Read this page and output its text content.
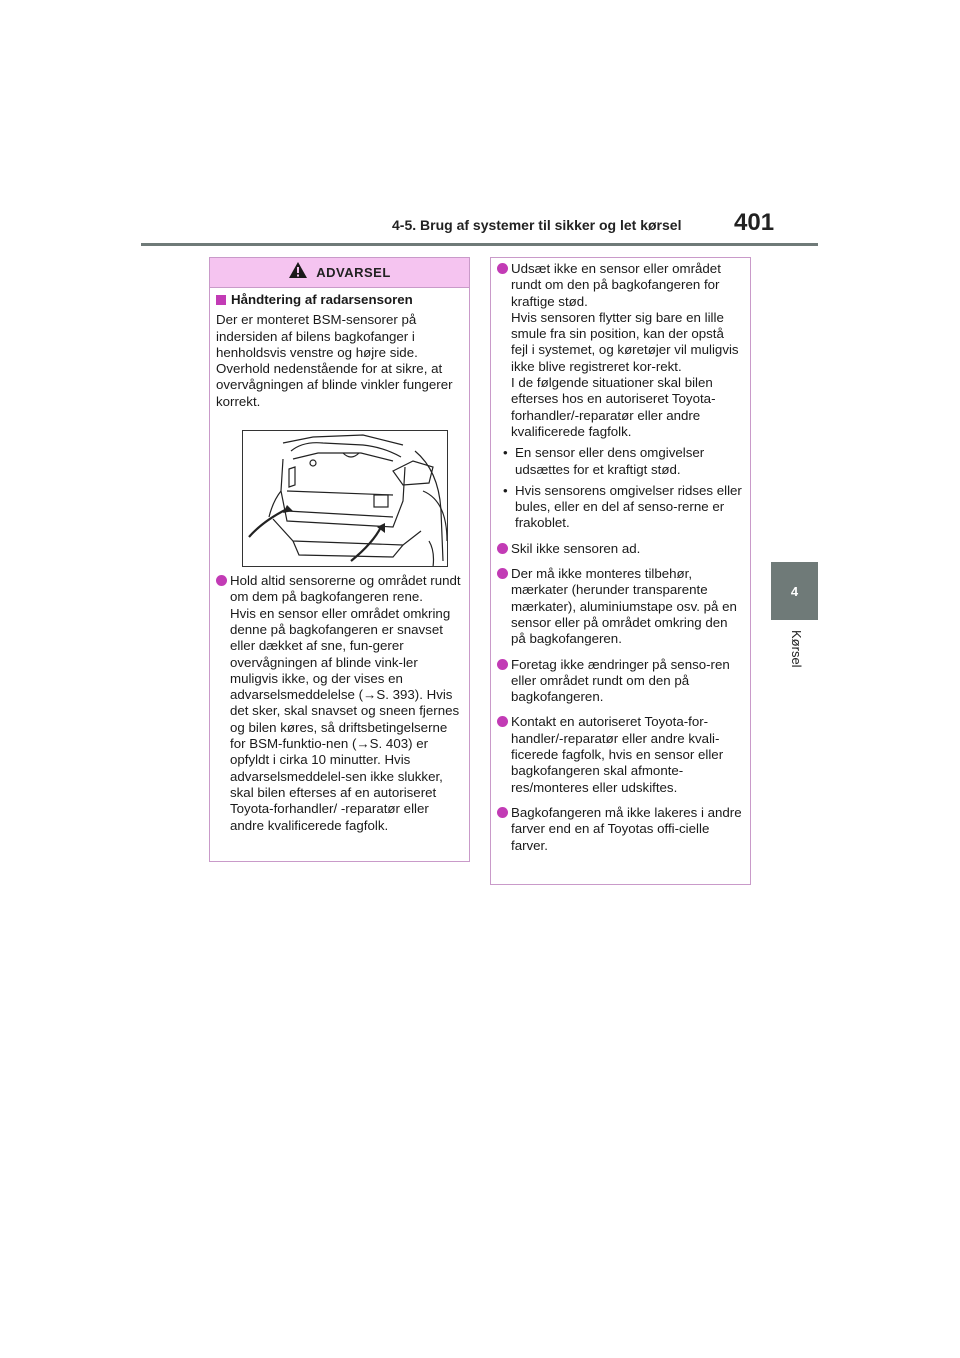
4-5. Brug af systemer til sikker og let kørsel 401
4
Kørsel
ADVARSEL
Håndtering af radarsensoren
Der er monteret BSM-sensorer på indersiden af bilens bagkofanger i henholdsvis venstre og højre side. Overhold nedenstående for at sikre, at overvågningen af blinde vinkler fungerer korrekt.
Hold altid sensorerne og området rundt om dem på bagkofangeren rene.
Hvis en sensor eller området omkring denne på bagkofangeren er snavset eller dækket af sne, fun-gerer overvågningen af blinde vink-ler muligvis ikke, og der vises en advarselsmeddelelse (→S. 393). Hvis det sker, skal snavset og sneen fjernes og bilen køres, så driftsbetingelserne for BSM-funktio-nen (→S. 403) er opfyldt i cirka 10 minutter. Hvis advarselsmeddelel-sen ikke slukker, skal bilen efterses af en autoriseret Toyota-forhandler/ -reparatør eller andre kvalificerede fagfolk.
Udsæt ikke en sensor eller området rundt om den på bagkofangeren for kraftige stød.
Hvis sensoren flytter sig bare en lille smule fra sin position, kan der opstå fejl i systemet, og køretøjer vil muligvis ikke blive registreret kor-rekt.
I de følgende situationer skal bilen efterses hos en autoriseret Toyota-forhandler/-reparatør eller andre kvalificerede fagfolk.
• En sensor eller dens omgivelser udsættes for et kraftigt stød.
• Hvis sensorens omgivelser ridses eller bules, eller en del af senso-rerne er frakoblet.
Skil ikke sensoren ad.
Der må ikke monteres tilbehør, mærkater (herunder transparente mærkater), aluminiumstape osv. på en sensor eller på området omkring den på bagkofangeren.
Foretag ikke ændringer på senso-ren eller området rundt om den på bagkofangeren.
Kontakt en autoriseret Toyota-for-handler/-reparatør eller andre kvali-ficerede fagfolk, hvis en sensor eller bagkofangeren skal afmonte-res/monteres eller udskiftes.
Bagkofangeren må ikke lakeres i andre farver end en af Toyotas offi-cielle farver.
